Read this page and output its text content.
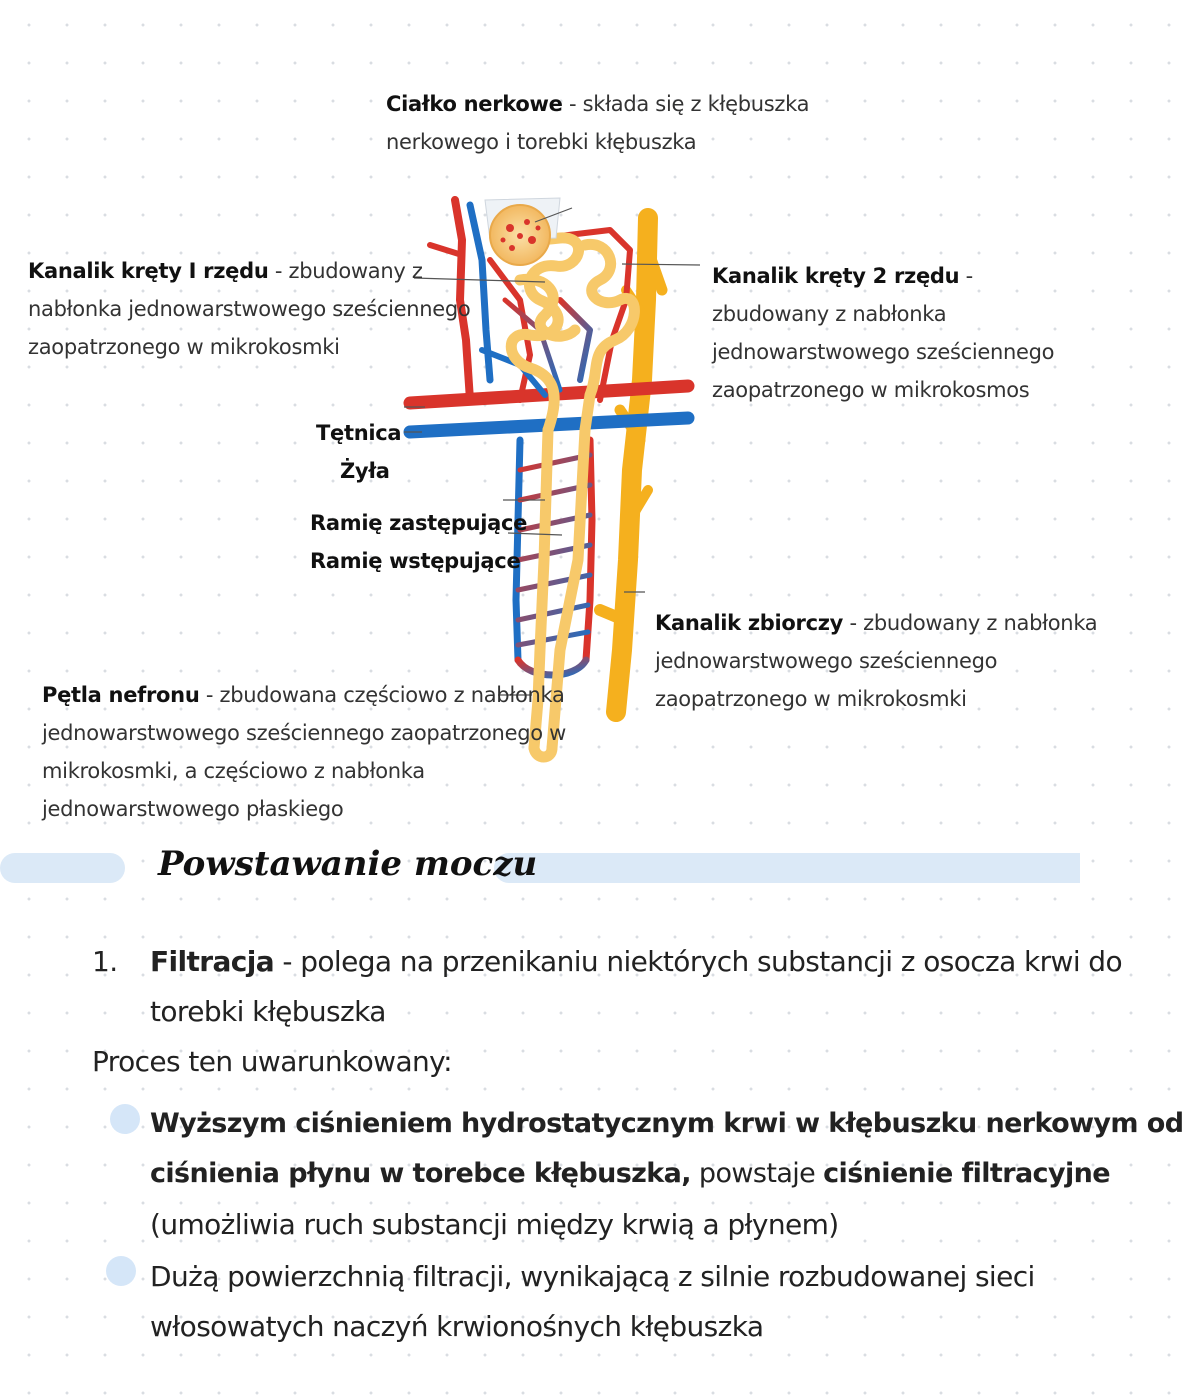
Ciałko nerkowe - składa się z kłębuszka
nerkowego i torebki kłębuszka
Kanalik kręty I rzędu - zbudowany z
nabłonka jednowarstwowego sześciennego
zaopatrzonego w mikrokosmki
Kanalik kręty 2 rzędu -
zbudowany z nabłonka
jednowarstwowego sześciennego
zaopatrzonego w mikrokosmos
Tętnica
Żyła
Ramię zastępujące
Ramię wstępujące
Kanalik zbiorczy - zbudowany z nabłonka
jednowarstwowego sześciennego
zaopatrzonego w mikrokosmki
Pętla nefronu - zbudowana częściowo z nabłonka
jednowarstwowego sześciennego zaopatrzonego w
mikrokosmki, a częściowo z nabłonka
jednowarstwowego płaskiego
Powstawanie moczu
1. Filtracja - polega na przenikaniu niektórych substancji z osocza krwi do
torebki kłębuszka
Proces ten uwarunkowany:
Wyższym ciśnieniem hydrostatycznym krwi w kłębuszku nerkowym od
ciśnienia płynu w torebce kłębuszka, powstaje ciśnienie filtracyjne
(umożliwia ruch substancji między krwią a płynem)
Dużą powierzchnią filtracji, wynikającą z silnie rozbudowanej sieci
włosowatych naczyń krwionośnych kłębuszka
